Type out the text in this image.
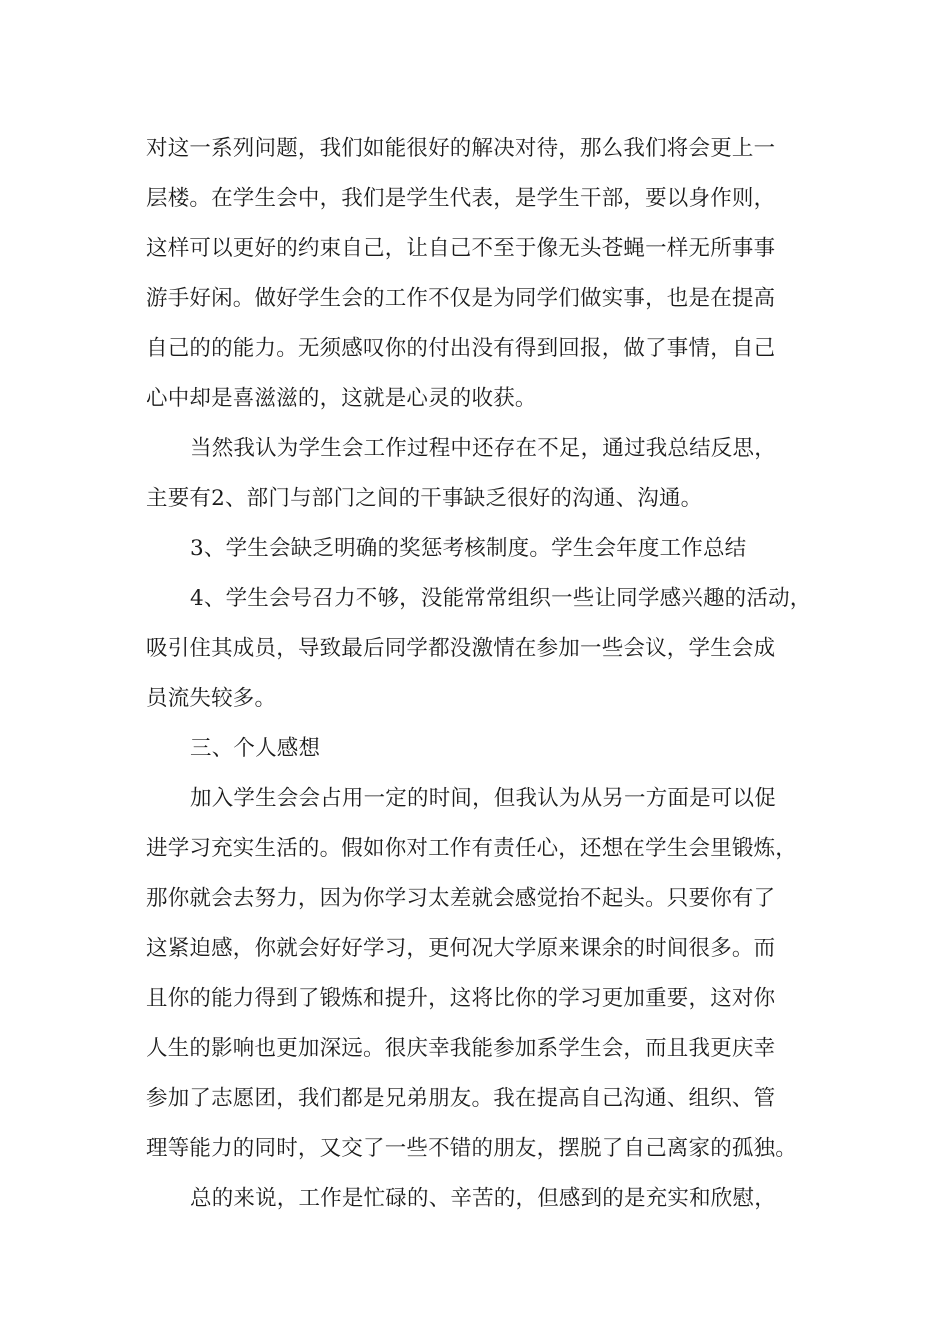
对这一系列问题，我们如能很好的解决对待，那么我们将会更上一
层楼。在学生会中，我们是学生代表，是学生干部，要以身作则，
这样可以更好的约束自己，让自己不至于像无头苍蝇一样无所事事
游手好闲。做好学生会的工作不仅是为同学们做实事，也是在提高
自己的的能力。无须感叹你的付出没有得到回报，做了事情，自己
心中却是喜滋滋的，这就是心灵的收获。
当然我认为学生会工作过程中还存在不足，通过我总结反思，
主要有2、部门与部门之间的干事缺乏很好的沟通、沟通。
3、学生会缺乏明确的奖惩考核制度。学生会年度工作总结
4、学生会号召力不够，没能常常组织一些让同学感兴趣的活动，
吸引住其成员，导致最后同学都没激情在参加一些会议，学生会成
员流失较多。
三、个人感想
加入学生会会占用一定的时间，但我认为从另一方面是可以促
进学习充实生活的。假如你对工作有责任心，还想在学生会里锻炼，
那你就会去努力，因为你学习太差就会感觉抬不起头。只要你有了
这紧迫感，你就会好好学习，更何况大学原来课余的时间很多。而
且你的能力得到了锻炼和提升，这将比你的学习更加重要，这对你
人生的影响也更加深远。很庆幸我能参加系学生会，而且我更庆幸
参加了志愿团，我们都是兄弟朋友。我在提高自己沟通、组织、管
理等能力的同时，又交了一些不错的朋友，摆脱了自己离家的孤独。
总的来说，工作是忙碌的、辛苦的，但感到的是充实和欣慰，
